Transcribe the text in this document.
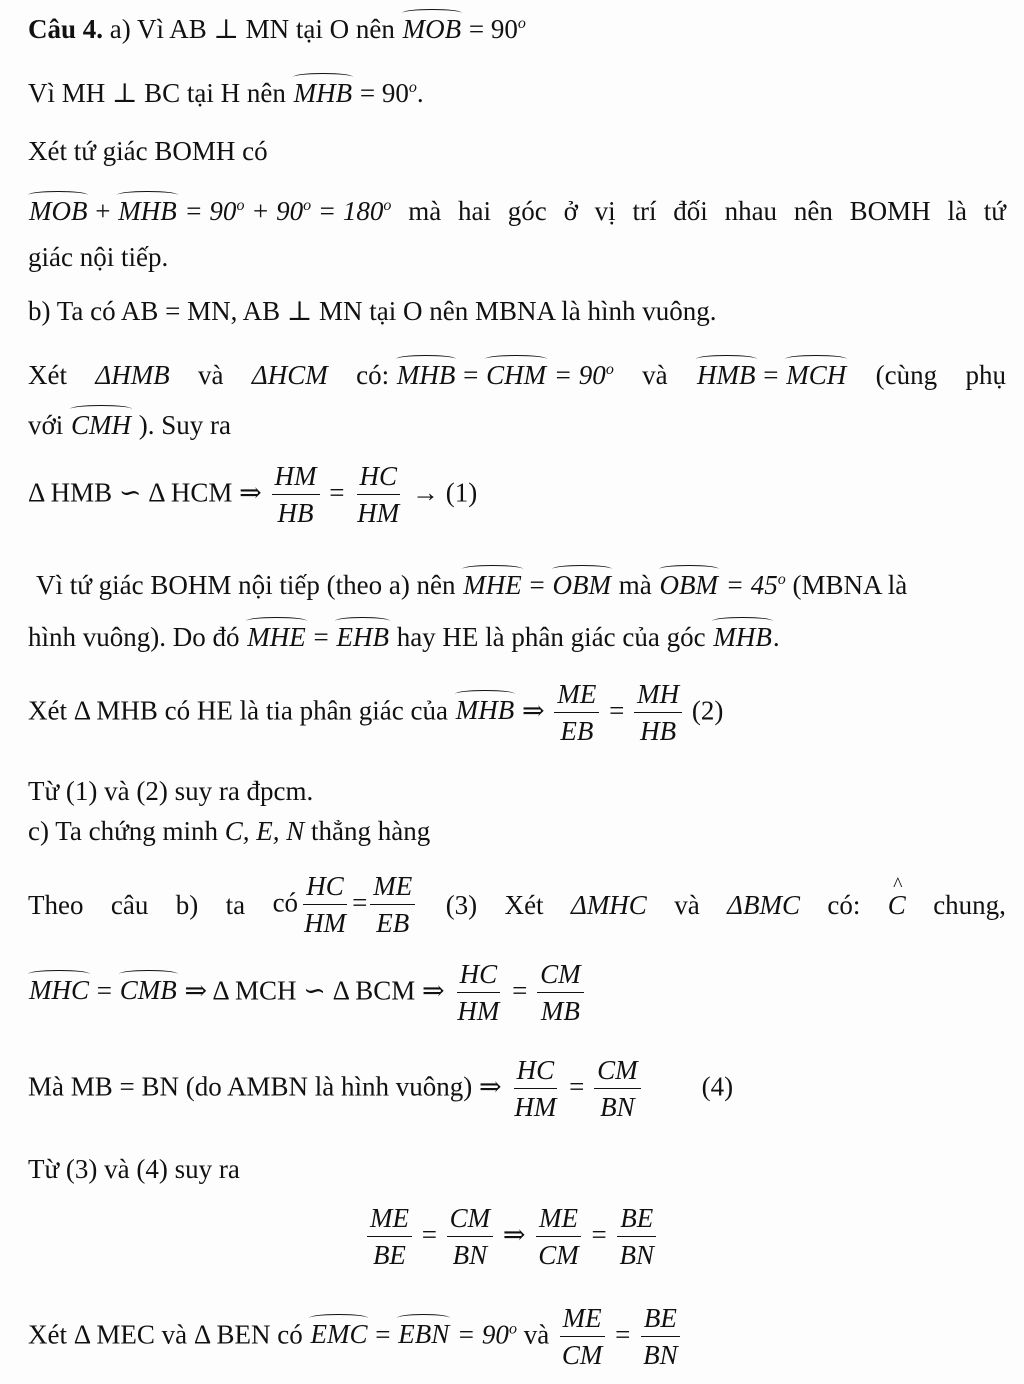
Câu 4. a) Vì AB ⊥ MN tại O nên MOB = $90^o$
Vì MH ⊥ BC tại H nên MHB = $90^o$.
Xét tứ giác BOMH có
MOB + MHB = $90^o + 90^o = 180^o$ mà hai góc ở vị trí đối nhau nên BOMH là tứ
giác nội tiếp.
b) Ta có AB = MN, AB ⊥ MN tại O nên MBNA là hình vuông.
Xét ΔHMB và ΔHCM có: MHB = CHM = $90^o$ và HMB = MCH (cùng phụ
với CMH ). Suy ra
Δ HMB ∽ Δ HCM ⇒ $\frac{HM}{HB} = \frac{HC}{HM} \to (1)$
Vì tứ giác BOHM nội tiếp (theo a) nên MHE = OBM mà OBM = $45^o$ (MBNA là
hình vuông). Do đó MHE = EHB hay HE là phân giác của góc MHB.
Xét Δ MHB có HE là tia phân giác của MHB ⇒ $\frac{ME}{EB} = \frac{MH}{HB} (2)$
Từ (1) và (2) suy ra đpcm.
c) Ta chứng minh C, E, N thẳng hàng
Theo câu b) ta có $\frac{HC}{HM} = \frac{ME}{EB} (3)$ Xét ΔMHC và ΔBMC có:
^ C chung,
MHC = CMB ⇒ Δ MCH ∽ Δ BCM ⇒ $\frac{HC}{HM} = \frac{CM}{MB}$
Mà MB = BN (do AMBN là hình vuông) ⇒ $\frac{HC}{HM} = \frac{CM}{BN} (4)$
Từ (3) và (4) suy ra
$\frac{ME}{BE} = \frac{CM}{BN}$ ⇒ $\frac{ME}{CM} = \frac{BE}{BN}$
Xét Δ MEC và Δ BEN có EMC = EBN = $90^o$ và $\frac{ME}{CM} = \frac{BE}{BN}$
